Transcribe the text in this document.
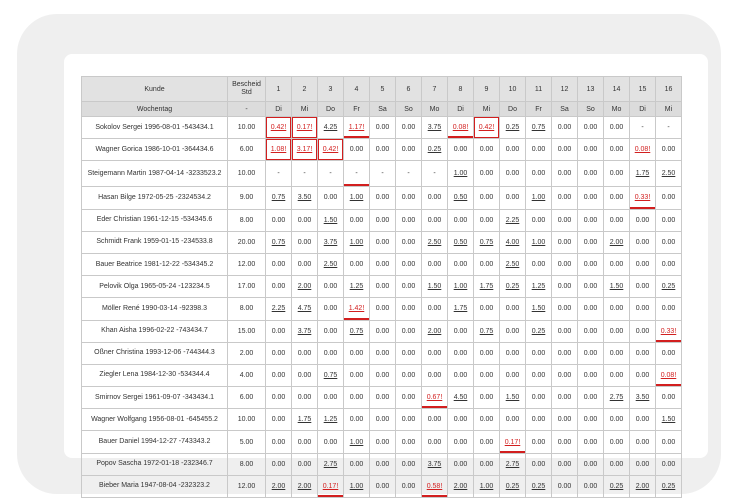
Kunde	Bescheid Std	1	2	3	4	5	6	7	8	9	10	11	12	13	14	15	16
Wochentag	-	Di	Mi	Do	Fr	Sa	So	Mo	Di	Mi	Do	Fr	Sa	So	Mo	Di	Mi
Sokolov Sergei 1996-08-01 -543434.1	10.00	0.42!	0.17!	4.25	1.17!	0.00	0.00	3.75	0.08!	0.42!	0.25	0.75	0.00	0.00	0.00	-	-
Wagner Gorica 1986-10-01 -364434.6	6.00	1.08!	3.17!	0.42!	0.00	0.00	0.00	0.25	0.00	0.00	0.00	0.00	0.00	0.00	0.00	0.08!	0.00
Steigemann Martin 1987-04-14 -3233523.2	10.00	-	-	-	-	-	-	-	1.00	0.00	0.00	0.00	0.00	0.00	0.00	1.75	2.50
Hasan Bilge 1972-05-25 -2324534.2	9.00	0.75	3.50	0.00	1.00	0.00	0.00	0.00	0.50	0.00	0.00	1.00	0.00	0.00	0.00	0.33!	0.00
Eder Christian 1961-12-15 -534345.6	8.00	0.00	0.00	1.50	0.00	0.00	0.00	0.00	0.00	0.00	2.25	0.00	0.00	0.00	0.00	0.00	0.00
Schmidt Frank 1959-01-15 -234533.8	20.00	0.75	0.00	3.75	1.00	0.00	0.00	2.50	0.50	0.75	4.00	1.00	0.00	0.00	2.00	0.00	0.00
Bauer Beatrice 1981-12-22 -534345.2	12.00	0.00	0.00	2.50	0.00	0.00	0.00	0.00	0.00	0.00	2.50	0.00	0.00	0.00	0.00	0.00	0.00
Pelovik Olga 1965-05-24 -123234.5	17.00	0.00	2.00	0.00	1.25	0.00	0.00	1.50	1.00	1.75	0.25	1.25	0.00	0.00	1.50	0.00	0.25
Möller René 1990-03-14 -92398.3	8.00	2.25	4.75	0.00	1.42!	0.00	0.00	0.00	1.75	0.00	0.00	1.50	0.00	0.00	0.00	0.00	0.00
Khan Aisha 1996-02-22 -743434.7	15.00	0.00	3.75	0.00	0.75	0.00	0.00	2.00	0.00	0.75	0.00	0.25	0.00	0.00	0.00	0.00	0.33!
Oßner Christina 1993-12-06 -744344.3	2.00	0.00	0.00	0.00	0.00	0.00	0.00	0.00	0.00	0.00	0.00	0.00	0.00	0.00	0.00	0.00	0.00
Ziegler Lena 1984-12-30 -534344.4	4.00	0.00	0.00	0.75	0.00	0.00	0.00	0.00	0.00	0.00	0.00	0.00	0.00	0.00	0.00	0.00	0.08!
Smirnov Sergei 1961-09-07 -343434.1	6.00	0.00	0.00	0.00	0.00	0.00	0.00	0.67!	4.50	0.00	1.50	0.00	0.00	0.00	2.75	3.50	0.00
Wagner Wolfgang 1956-08-01 -645455.2	10.00	0.00	1.75	1.25	0.00	0.00	0.00	0.00	0.00	0.00	0.00	0.00	0.00	0.00	0.00	0.00	1.50
Bauer Daniel 1994-12-27 -743343.2	5.00	0.00	0.00	0.00	1.00	0.00	0.00	0.00	0.00	0.00	0.17!	0.00	0.00	0.00	0.00	0.00	0.00
Popov Sascha 1972-01-18 -232346.7	8.00	0.00	0.00	2.75	0.00	0.00	0.00	3.75	0.00	0.00	2.75	0.00	0.00	0.00	0.00	0.00	0.00
Bieber Maria 1947-08-04 -232323.2	12.00	2.00	2.00	0.17!	1.00	0.00	0.00	0.58!	2.00	1.00	0.25	0.25	0.00	0.00	0.25	2.00	0.25
